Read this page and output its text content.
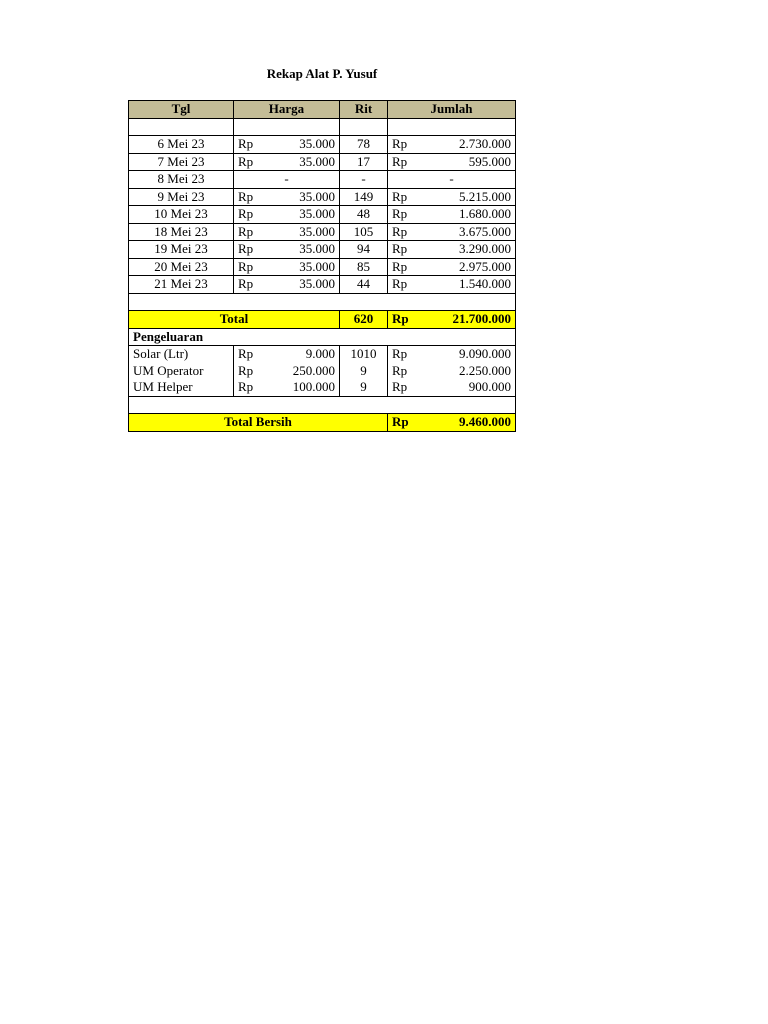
Rekap Alat P. Yusuf
Tgl	Harga		Rit	Jumlah	

6 Mei 23	Rp	35.000	78	Rp	2.730.000
7 Mei 23	Rp	35.000	17	Rp	595.000
8 Mei 23	-		-	-	
9 Mei 23	Rp	35.000	149	Rp	5.215.000
10 Mei 23	Rp	35.000	48	Rp	1.680.000
18 Mei 23	Rp	35.000	105	Rp	3.675.000
19 Mei 23	Rp	35.000	94	Rp	3.290.000
20 Mei 23	Rp	35.000	85	Rp	2.975.000
21 Mei 23	Rp	35.000	44	Rp	1.540.000

Total			620	Rp	21.700.000
Pengeluaran					
Solar (Ltr)	Rp	9.000	1010	Rp	9.090.000
UM Operator	Rp	250.000	9	Rp	2.250.000
UM Helper	Rp	100.000	9	Rp	900.000

Total Bersih				Rp	9.460.000
